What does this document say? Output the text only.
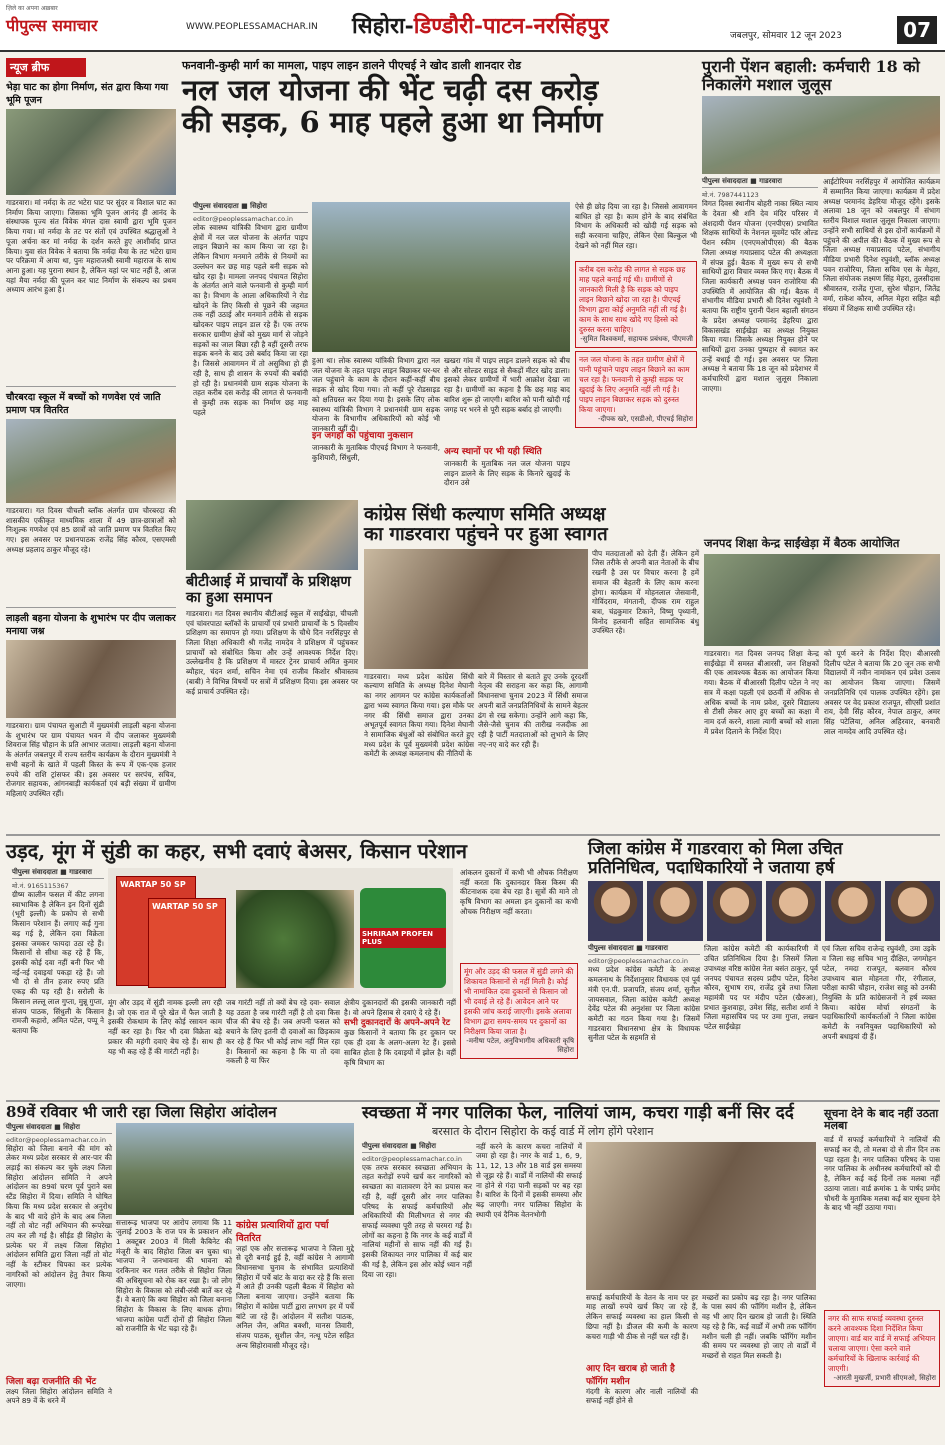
ज़िले का अपना अख़बार
पीपुल्स समाचार	WWW.PEOPLESSAMACHAR.IN सिहोरा-डिण्डौरी-पाटन-नरसिंहपुर	जबलपुर, सोमवार 12 जून 2023	07
न्यूज ब्रीफ
भेड़ा घाट का होगा निर्माण, संत द्वारा किया गया भूमि पूजन
गाडरवारा। मां नर्मदा के तट भटेरा घाट पर सुंदर व विशाल घाट का निर्माण किया जाएगा। जिसका भूमि पूजन आनंद ही आनंद के संस्थापक पूज्य संत विवेक मंगल दास स्वामी द्वारा भूमि पूजन किया गया। मां नर्मदा के तट पर संतों एवं उपस्थित श्रद्धालुओं ने पूजा अर्चना कर मां नर्मदा के दर्शन करते हुए आशीर्वाद प्राप्त किया। युवा संत विवेक ने बताया कि नर्मदा मैया के तट भटेरा ग्राम पर परिक्रमा में आया था, पुनः महाराजश्री स्वामी महाराज के साथ आना हुआ। यह पुराना स्थान है, लेकिन यहां पर घाट नहीं है, आज यहां मैया नर्मदा की पूजन कर घाट निर्माण के संकल्प का प्रथम अध्याय आरंभ हुआ है।
चौरबरदा स्कूल में बच्चों को गणवेश एवं जाति प्रमाण पत्र वितरित
गाडरवारा। गत दिवस चीचली ब्लॉक अंतर्गत ग्राम चौरबरदा की शासकीय एकीकृत माध्यमिक शाला में 49 छात्र-छात्राओं को निःशुल्क गणवेश एवं 85 छात्रों को जाति प्रमाण पत्र वितरित किए गए। इस अवसर पर प्रधानपाठक राजेंद्र सिंह कौरव, एसएमसी अध्यक्ष प्रहलाद ठाकुर मौजूद रहे।
लाड़ली बहना योजना के शुभारंभ पर दीप जलाकर मनाया जश्न
गाडरवारा। ग्राम पंचायत सुआटी में मुख्यमंत्री लाड़ली बहना योजना के शुभारंभ पर ग्राम पंचायत भवन में दीप जलाकर मुख्यमंत्री शिवराज सिंह चौहान के प्रति आभार जताया। लाड़ली बहना योजना के अंतर्गत जबलपुर में राज्य स्तरीय कार्यक्रम के दौरान मुख्यमंत्री ने सभी बहनों के खाते में पहली किस्त के रूप में एक-एक हजार रुपये की राशि ट्रांसफर की। इस अवसर पर सरपंच, सचिव, रोजगार सहायक, आंगनबाड़ी कार्यकर्ता एवं बड़ी संख्या में ग्रामीण महिलाएं उपस्थित रहीं।
फनवानी-कुम्ही मार्ग का मामला, पाइप लाइन डालने पीएचई ने खोद डाली शानदार रोड
नल जल योजना की भेंट चढ़ी दस करोड़
की सड़क, 6 माह पहले हुआ था निर्माण
पीपुल्स संवाददाता ■ सिहोरा
editor@peoplessamachar.co.in
लोक स्वास्थ्य यांत्रिकी विभाग द्वारा ग्रामीण क्षेत्रों में नल जल योजना के अंतर्गत पाइप लाइन बिछाने का काम किया जा रहा है। लेकिन विभाग मनमाने तरीके से नियमों का उल्लंघन कर छह माह पहले बनी सड़क को खोद रहा है। मामला जनपद पंचायत सिहोरा के अंतर्गत आने वाले फनवानी से कुम्ही मार्ग का है। विभाग के आला अधिकारियों ने रोड खोदने के लिए किसी से पूछने की जहमत तक नहीं उठाई और मनमाने तरीके से सड़क खोदकर पाइप लाइन डाल रहे हैं। एक तरफ सरकार ग्रामीण क्षेत्रों को मुख्य मार्ग से जोड़ने सड़कों का जाल बिछा रही है वहीं दूसरी तरफ सड़क बनने के बाद उसे बर्बाद किया जा रहा है। जिससे आवागमन में तो असुविधा हो ही रही है, साथ ही शासन के रुपयों की बर्बादी हो रही है। प्रधानमंत्री ग्राम सड़क योजना के तहत करीब दस करोड़ की लागत से फनवानी से कुम्ही तक सड़क का निर्माण छह माह पहले
हुआ था। लोक स्वास्थ्य यांत्रिकी विभाग द्वारा नल जल योजना के तहत पाइप लाइन बिछाकर घर-घर जल पहुंचाने के काम के दौरान कहीं-कहीं बीच सड़क से खोद दिया गया। तो कहीं पूरे रोडसाइड को क्षतिग्रस्त कर दिया गया है। इसके लिए लोक स्वास्थ्य यांत्रिकी विभाग ने प्रधानमंत्री ग्राम सड़क योजना के विभागीय अधिकारियों को कोई भी जानकारी नहीं दी।
इन जगहों को पहुंचाया नुकसान
जानकारी के मुताबिक पीएचई विभाग ने फनवानी, कुशियारी, सिंधुली,
खखरा गांव में पाइप लाइन डालने सड़क को बीच से और सोल्डर साइड से सैकड़ों मीटर खोद डाला। इसको लेकर ग्रामीणों में भारी आक्रोश देखा जा रहा है। ग्रामीणों का कहना है कि छह माह बाद बारिश शुरू हो जाएगी। बारिश को पानी खोदी गई जगह पर भरने से पूरी सड़क बर्बाद हो जाएगी।
अन्य स्थानों पर भी यही स्थिति
जानकारी के मुताबिक नल जल योजना पाइप लाइन डालने के लिए सड़क के किनारे खुदाई के दौरान उसे
ऐसे ही छोड़ दिया जा रहा है। जिससे आवागमन बाधित हो रहा है। काम होने के बाद संबंधित विभाग के अधिकारी को खोदी गई सड़क को सही करवाना चाहिए, लेकिन ऐसा बिल्कुल भी देखने को नहीं मिल रहा।
करीब दस करोड़ की लागत से सड़क छह माह पहले बनाई गई थी। ग्रामीणों से जानकारी मिली है कि सड़क को पाइप लाइन बिछाने खोदा जा रहा है। पीएचई विभाग द्वारा कोई अनुमति नहीं ली गई है। काम के साथ साथ खोदे गए हिस्से को दुरुस्त करना चाहिए।
-सुमित विश्वकर्मा, सहायक प्रबंधक, पीएमजी
नल जल योजना के तहत ग्रामीण क्षेत्रों में पानी पहुंचाने पाइप लाइन बिछाने का काम चल रहा है। फनवानी से कुम्ही सड़क पर खुदाई के लिए अनुमति नहीं ली गई है। पाइप लाइन बिछाकर सड़क को दुरुस्त किया जाएगा।
-दीपक खरे, एसडीओ, पीएचई सिहोरा
पुरानी पेंशन बहाली: कर्मचारी 18 को निकालेंगे मशाल जुलूस
पीपुल्स संवाददाता ■ गाडरवारा
मो.नं. 7987441123
विगत दिवस स्थानीय बोहरी नाका स्थित न्याय के देवता श्री शनि देव मंदिर परिसर में अंशदायी पेंशन योजना (एनपीएस) प्रभावित शिक्षक साथियों के नेशनल मूवमेंट फॉर ओल्ड पेंशन स्कीम (एनएमओपीएस) की बैठक जिला अध्यक्ष गयाप्रसाद पटेल की अध्यक्षता में संपन्न हुई। बैठक में मुख्य रूप से सभी साथियों द्वारा विचार व्यक्त किए गए। बैठक में जिला कार्यकारी अध्यक्ष पवन राजोरिया की उपस्थिति में आयोजित की गई। बैठक में संभागीय मीडिया प्रभारी श्री दिनेश रघुवंशी ने बताया कि राष्ट्रीय पुरानी पेंशन बहाली संगठन के प्रदेश अध्यक्ष परमानंद डेहरिया द्वारा विकासखंड साईखेड़ा का अध्यक्ष नियुक्त किया गया। जिसके अध्यक्ष नियुक्त होने पर साथियों द्वारा उनका पुष्पहार से स्वागत कर उन्हें बधाई दी गई। इस अवसर पर जिला अध्यक्ष ने बताया कि 18 जून को प्रदेशभर में कर्मचारियों द्वारा मशाल जुलूस निकाला जाएगा।
आईटोरियम नरसिंहपुर में आयोजित कार्यक्रम में सम्मानित किया जाएगा। कार्यक्रम में प्रदेश अध्यक्ष परमानंद डेहरिया मौजूद रहेंगे। इसके अलावा 18 जून को जबलपुर में संभाग स्तरीय विशाल मशाल जुलूस निकाला जाएगा। उन्होंने सभी साथियों से इस दोनों कार्यक्रमों में पहुंचने की अपील की। बैठक में मुख्य रूप से जिला अध्यक्ष गयाप्रसाद पटेल, संभागीय मीडिया प्रभारी दिनेश रघुवंशी, ब्लॉक अध्यक्ष पवन राजोरिया, जिला सचिव एस के मेहरा, जिला संयोजक लक्ष्मण सिंह मेहरा, तुलसीदास श्रीवास्तव, राजेंद्र गुप्ता, सुरेश चौहान, जितेंद्र वर्मा, राकेश कौरव, अनिल मेहरा सहित बड़ी संख्या में शिक्षक साथी उपस्थित रहे।
कांग्रेस सिंधी कल्याण समिति अध्यक्ष
का गाडरवारा पहुंचने पर हुआ स्वागत
पीप मतदाताओं को देती हैं। लेकिन हमें जिस तरीके से अपनी बात नेताओं के बीच रखनी है उस पर विचार करना है हमें समाज की बेहतरी के लिए काम करना होगा। कार्यक्रम में मोहनलाल जेसवानी, गोविंदराम, मंगतानी, दीपक राम राहुल बत्रा, चंद्रकुमार टिकाने, विष्णु पृथ्यानी, विनोद हलवानी सहित सामाजिक बंधु उपस्थित रहे।
गाडरवारा। मध्य प्रदेश कांग्रेस सिंधी कल्याण समिति के अध्यक्ष दिनेश मेघानी का नगर आगमन पर कांग्रेस कार्यकर्ताओं द्वारा भव्य स्वागत किया गया। इस मौके पर नगर की सिंधी समाज द्वारा उनका अभूतपूर्व स्वागत किया गया। दिनेश मेघानी ने सामाजिक बंधुओं को संबोधित करते हुए मध्य प्रदेश के पूर्व मुख्यमंत्री प्रदेश कांग्रेस कमेटी के अध्यक्ष कमलनाथ की नीतियों के
बारे में विस्तार से बताते हुए उनके दूरदर्शी नेतृत्व की सराहना कर कहा कि, आगामी विधानसभा चुनाव 2023 में सिंधी समाज अपनी बातें जनप्रतिनिधियों के सामने बेहतर ढंग से रख सकेगा। उन्होंने आगे कहा कि, जैसे-जैसे चुनाव की तारीख नजदीक आ रही है पार्टी मतदाताओं को लुभाने के लिए नए-नए वादे कर रही हैं।
बीटीआई में प्राचार्यों के प्रशिक्षण का हुआ समापन
गाडरवारा। गत दिवस स्थानीय बीटीआई स्कूल में साईंखेड़ा, चीचली एवं चांवरपाठा ब्लॉकों के प्राचार्यों एवं प्रभारी प्राचार्यों के 5 दिवसीय प्रशिक्षण का समापन हो गया। प्रशिक्षण के चौथे दिन नरसिंहपुर से जिला शिक्षा अधिकारी श्री गजेंद्र नामदेव ने प्रशिक्षण में पहुंचकर प्राचार्यों को संबोधित किया और उन्हें आवश्यक निर्देश दिए। उल्लेखनीय है कि प्रशिक्षण में मास्टर ट्रेनर प्राचार्य अमित कुमार ब्यौहार, चंदन शर्मा, सचिन नेमा एवं राजीव किशोर श्रीवास्तव (बाबी) ने विभिन्न विषयों पर सत्रों में प्रशिक्षण दिया। इस अवसर पर कई प्राचार्य उपस्थित रहे।
जनपद शिक्षा केन्द्र साईंखेड़ा में बैठक आयोजित
गाडरवारा। गत दिवस जनपद शिक्षा केन्द्र साईंखेड़ा में समस्त बीआरसी, जन शिक्षकों की एक आवश्यक बैठक का आयोजन किया गया। बैठक में बीआरसी दिलीप पटेल ने नए सत्र में कक्षा पहली एवं छठवीं में अधिक से अधिक बच्चों के नाम प्रवेश, दूसरे विद्यालय से टीसी लेकर आए हुए बच्चों का कक्षा में नाम दर्ज करने, शाला त्यागी बच्चों को शाला में प्रवेश दिलाने के निर्देश दिए।
को पूर्ण करने के निर्देश दिए। बीआरसी दिलीप पटेल ने बताया कि 20 जून तक सभी विद्यालयों में नवीन नामांकन एवं प्रवेश उत्सव का आयोजन किया जाएगा। जिसमें जनप्रतिनिधि एवं पालक उपस्थित रहेंगे। इस अवसर पर वेद प्रकाश राजपूत, सीएसी प्रशांत राय, देवी सिंह कौरव, नेपाल ठाकुर, अमर सिंह पटेलिया, अनिल अहिरवार, बनवारी लाल नामदेव आदि उपस्थित रहे।
उड़द, मूंग में सुंडी का कहर, सभी दवाएं बेअसर, किसान परेशान
पीपुल्स संवाददाता ■ गाडरवारा
मो.नं. 9165115367
ग्रीष्म कालीन फसल में कीट लगना स्वाभाविक है लेकिन इन दिनों सुंडी (भूरी इल्ली) के प्रकोप से सभी किसान परेशान हैं। लगाए कई गुना बढ़ गई है, लेकिन दवा विक्रेता इसका जमकर फायदा उठा रहे हैं। किसानों से सीधा कह रहे हैं कि, इसकी कोई दवा नहीं बनी फिर भी नई-नई दवाइयां पकड़ा रहे हैं। जो भी दो से तीन हजार रुपए प्रति एकड़ की पड़ रही है। सरोली के किसान लल्लू लाल गुप्ता, मुन्नू गुप्ता, संजय पाठक, सिंधुली के किसान रामजी कहारो, अमित पटेल, पप्पू ने बताया कि
WARTAP 50 SP
WARTAP 50 SP
SHRIRAM PROFEN PLUS
मूंग और उड़द में सुंडी नामक इल्ली लग रही है। जो एक रात में पूरे खेत में फैल जाती है इसकी रोकथाम के लिए कोई रसायन काम नहीं कर रहा है। फिर भी दवा विक्रेता बड़े प्रकार की महंगी दवाएं बेच रहे हैं। साथ ही यह भी कह रहे हैं की गारंटी नहीं है।
जब गारंटी नहीं तो क्यों बेच रहे दवा- सवाल यह उठता है जब गारंटी नहीं है तो दवा किस चीज की बेच रहे हैं। जब अपनी फसल को बचाने के लिए इतनी दी दवाओं का छिड़काव कर रहे हैं फिर भी कोई लाभ नहीं मिल रहा है। किसानों का कहना है कि या तो दवा नकली है या फिर
क्षेत्रीय दुकानदारों की इसकी जानकारी नहीं है। वो अपने हिसाब से दवाएं दे रहे हैं।
सभी दुकानदारों के अपने-अपने रेट
कुछ किसानों ने बताया कि हर दुकान पर एक ही दवा के अलग-अलग रेट हैं। इससे साबित होता है कि दवाइयों में झोल है। वहीं कृषि विभाग का
आंकलन दुकानों में कभी भी औचक निरीक्षण नहीं करता कि दुकानदार किस किस्म की कीटनाशक दवा बेच रहा है। सूत्रों की माने तो कृषि विभाग का अमला इन दुकानों का कभी औचक निरीक्षण नहीं करता।
मूंग और उड़द की फसल में सुंडी लगने की शिकायत किसानों से नहीं मिली है। कोई भी नामांकित दवा दुकानों से किसान जो भी दवाई ले रहे हैं। आवेदन आने पर इसकी जांच कराई जाएगी। इसके अलावा विभाग द्वारा समय-समय पर दुकानों का निरीक्षण किया जाता है।
-मनीषा पटेल, अनुविभागीय अधिकारी कृषि सिहोरा
जिला कांग्रेस में गाडरवारा को मिला उचित
प्रतिनिधित्व, पदाधिकारियों ने जताया हर्ष
पीपुल्स संवाददाता ■ गाडरवारा
editor@peoplessamachar.co.in
मध्य प्रदेश कांग्रेस कमेटी के अध्यक्ष कमलनाथ के निर्देशानुसार विधायक एवं पूर्व मंत्री एन.पी. प्रजापति, संजय शर्मा, सुनील जायसवाल, जिला कांग्रेस कमेटी अध्यक्ष देवेंद्र पटेल की अनुशंसा पर जिला कांग्रेस कमेटी का गठन किया गया है। जिसमें गाडरवारा विधानसभा क्षेत्र के विधायक सुनीता पटेल के सहमति से
जिला कांग्रेस कमेटी की कार्यकारिणी में उचित प्रतिनिधित्व दिया है। जिसमें जिला उपाध्यक्ष वरिष्ठ कांग्रेस नेता बसंत ठाकुर, पूर्व जनपद पंचायत सदस्य प्रदीप पटेल, दिनेश कौरव, सुभाष राय, राजेंद्र दुबे तथा जिला महामंत्री पद पर मंदीप पटेल (खैरुआ), प्रभात कुशवाहा, उमेश सिंह, सतीश शर्मा ने जिला महासचिव पद पर उमा गुप्ता, लखन पटेल साईंखेड़ा
एवं जिला सचिव राजेन्द्र रघुवंशी, उमा उइके व जिला सह सचिव भानु दीक्षित, जगमोहन पटेल, नमदा राजपूत, बलवान कौरव उपाध्याय बाल मोहनता गौर, रंगीलाल, परीक्षा काफी चौहान, राजेश साहू को उनकी नियुक्ति के प्रति कांग्रेसजनों ने हर्ष व्यक्त किया। कांग्रेस मोर्चा संगठनों के पदाधिकारियों कार्यकर्ताओं ने जिला कांग्रेस कमेटी के नवनियुक्त पदाधिकारियों को अपनी बधाइयां दी हैं।
89वें रविवार भी जारी रहा जिला सिहोरा आंदोलन
पीपुल्स संवाददाता ■ सिहोरा
editor@peoplessamachar.co.in
सिहोरा को जिला बनाने की मांग को लेकर मध्य प्रदेश सरकार से आर-पार की लड़ाई का संकल्प कर चुके लक्ष्य जिला सिहोरा आंदोलन समिति ने अपने आंदोलन का 89वां चरण पूर्व पुराने बस स्टैंड सिहोरा में दिया। समिति ने घोषित किया कि मध्य प्रदेश सरकार से अनुरोध के बाद भी वादे होने के बाद अब जिला नहीं तो वोट नहीं अभियान की रूपरेखा तय कर ली गई है। सीईड ही सिहोरा के प्रत्येक घर में लक्ष्य जिला सिहोरा आंदोलन समिति द्वारा जिला नहीं तो वोट नहीं के स्टीकर चिपका कर प्रत्येक नागरिकों को आंदोलन हेतु तैयार किया जाएगा।
जिला बढ़ा राजनीति की भेंट
लक्ष्य जिला सिहोरा आंदोलन समिति ने अपने 89 वें के धरने में
सत्तारूढ़ भाजपा पर आरोप लगाया कि 11 जुलाई 2003 के राज पत्र के प्रकाशन और 1 अक्टूबर 2003 में मिली कैबिनेट की मंजूरी के बाद सिहोरा जिला बन चुका था। भाजपा ने जनभावना की भावना को दरकिनार कर गलत तरीके से सिहोरा जिला की अधिसूचना को रोक कर रखा है। जो लोग सिहोरा के विकास को लंबी-लंबी बातें कर रहे हैं। वे बताएं कि क्या सिहोरा को जिला बनाना सिहोरा के विकास के लिए बाधक होगा। भाजपा कांग्रेस पार्टी दोनों ही सिहोरा जिला को राजनीति के भेंट चढ़ा रहे हैं।
कांग्रेस प्रत्याशियों द्वारा पर्चा वितरित
जहां एक और सत्तारूढ़ भाजपा ने जिला मुद्दे से दूरी बनाई हुई है, वहीं कांग्रेस ने आगामी विधानसभा चुनाव के संभावित प्रत्याशियों सिहोरा में पर्चे बांट के वादा कर रहे हैं कि सत्ता में आते ही उनकी पहली बैठक में सिहोरा को जिला बनाया जाएगा। उन्होंने बताया कि सिहोरा में कांग्रेस पार्टी द्वारा लगभग हर में पर्चे बांटे जा रहे हैं। आंदोलन में सतीश पाठक, अनिल जैन, अमित बक्शी, मानस तिवारी, संजय पाठक, सुशील जैन, नत्थू पटेल सहित अन्य सिहोरावासी मौजूद रहे।
स्वच्छता में नगर पालिका फेल, नालियां जाम, कचरा गाड़ी बनीं सिर दर्द
बरसात के दौरान सिहोरा के कई वार्ड में लोग होंगे परेशान
पीपुल्स संवाददाता ■ सिहोरा
editor@peoplessamachar.co.in
एक तरफ सरकार स्वच्छता अभियान के तहत करोड़ों रुपये खर्च कर नागरिकों को स्वच्छता का वातावरण देने का प्रयास कर रही है, वहीं दूसरी ओर नगर पालिका परिषद के सफाई कर्मचारियों और अधिकारियों की मिलीभगत से नगर की सफाई व्यवस्था पूरी तरह से चरमरा गई है। लोगों का कहना है कि नगर के कई वार्डों में नालियां महीनों से साफ नहीं की गई हैं। इसकी शिकायत नगर पालिका में कई बार की गई है, लेकिन इस ओर कोई ध्यान नहीं दिया जा रहा।
नहीं करने के कारण कचरा नालियों में जमा हो रहा है। नगर के वार्ड 1, 6, 9, 11, 12, 13 और 18 वार्ड इस समस्या से जूझ रहे हैं। वार्डों में नालियों की सफाई ना होने से गंदा पानी सड़कों पर बह रहा है। बारिश के दिनों में इसकी समस्या और बढ़ जाएगी। नगर पालिका सिहोरा के स्थायी एवं दैनिक वेतनभोगी
सफाई कर्मचारियों के वेतन के नाम पर हर माह लाखों रुपये खर्च किए जा रहे हैं, लेकिन सफाई व्यवस्था का हाल किसी से छिपा नहीं है। डीजल की कमी के कारण कचरा गाड़ी भी ठीक से नहीं चल रही हैं।
आए दिन खराब हो जाती है फॉगिंग मशीन
गंदगी के कारण और नाली नालियों की सफाई नहीं होने से
मच्छरों का प्रकोप बढ़ रहा है। नगर पालिका के पास स्वयं की फॉगिंग मशीन है, लेकिन वह भी आए दिन खराब हो जाती है। स्थिति यह रहे है कि, कई वार्डों में अभी तक फॉगिंग मशीन चली ही नहीं। जबकि फॉगिंग मशीन की समय पर व्यवस्था हो जाए तो वार्डों में मच्छरों से राहत मिल सकती है।
सूचना देने के बाद नहीं उठता मलबा
वार्ड में सफाई कर्मचारियों ने नालियों की सफाई कर दी, तो मलबा दो से तीन दिन तक पड़ा रहता है। नगर पालिका परिषद के पास नगर पालिका के अधीनस्थ कर्मचारियों को दी है, लेकिन कई कई दिनों तक मलबा नहीं उठाया जाता। वार्ड क्रमांक 1 के पार्षद प्रमोद चौधरी के मुताबिक मलबा कई बार सूचना देने के बाद भी नहीं उठाया गया।
नगर की साफ सफाई व्यवस्था दुरुस्त करने आवश्यक दिशा निर्देशित किया जाएगा। वार्ड बार वार्ड में सफाई अभियान चलाया जाएगा। ऐसा करने वाले कर्मचारियों के खिलाफ कार्रवाई की जाएगी।
-आरती मुखर्जी, प्रभारी सीएमओ, सिहोरा
